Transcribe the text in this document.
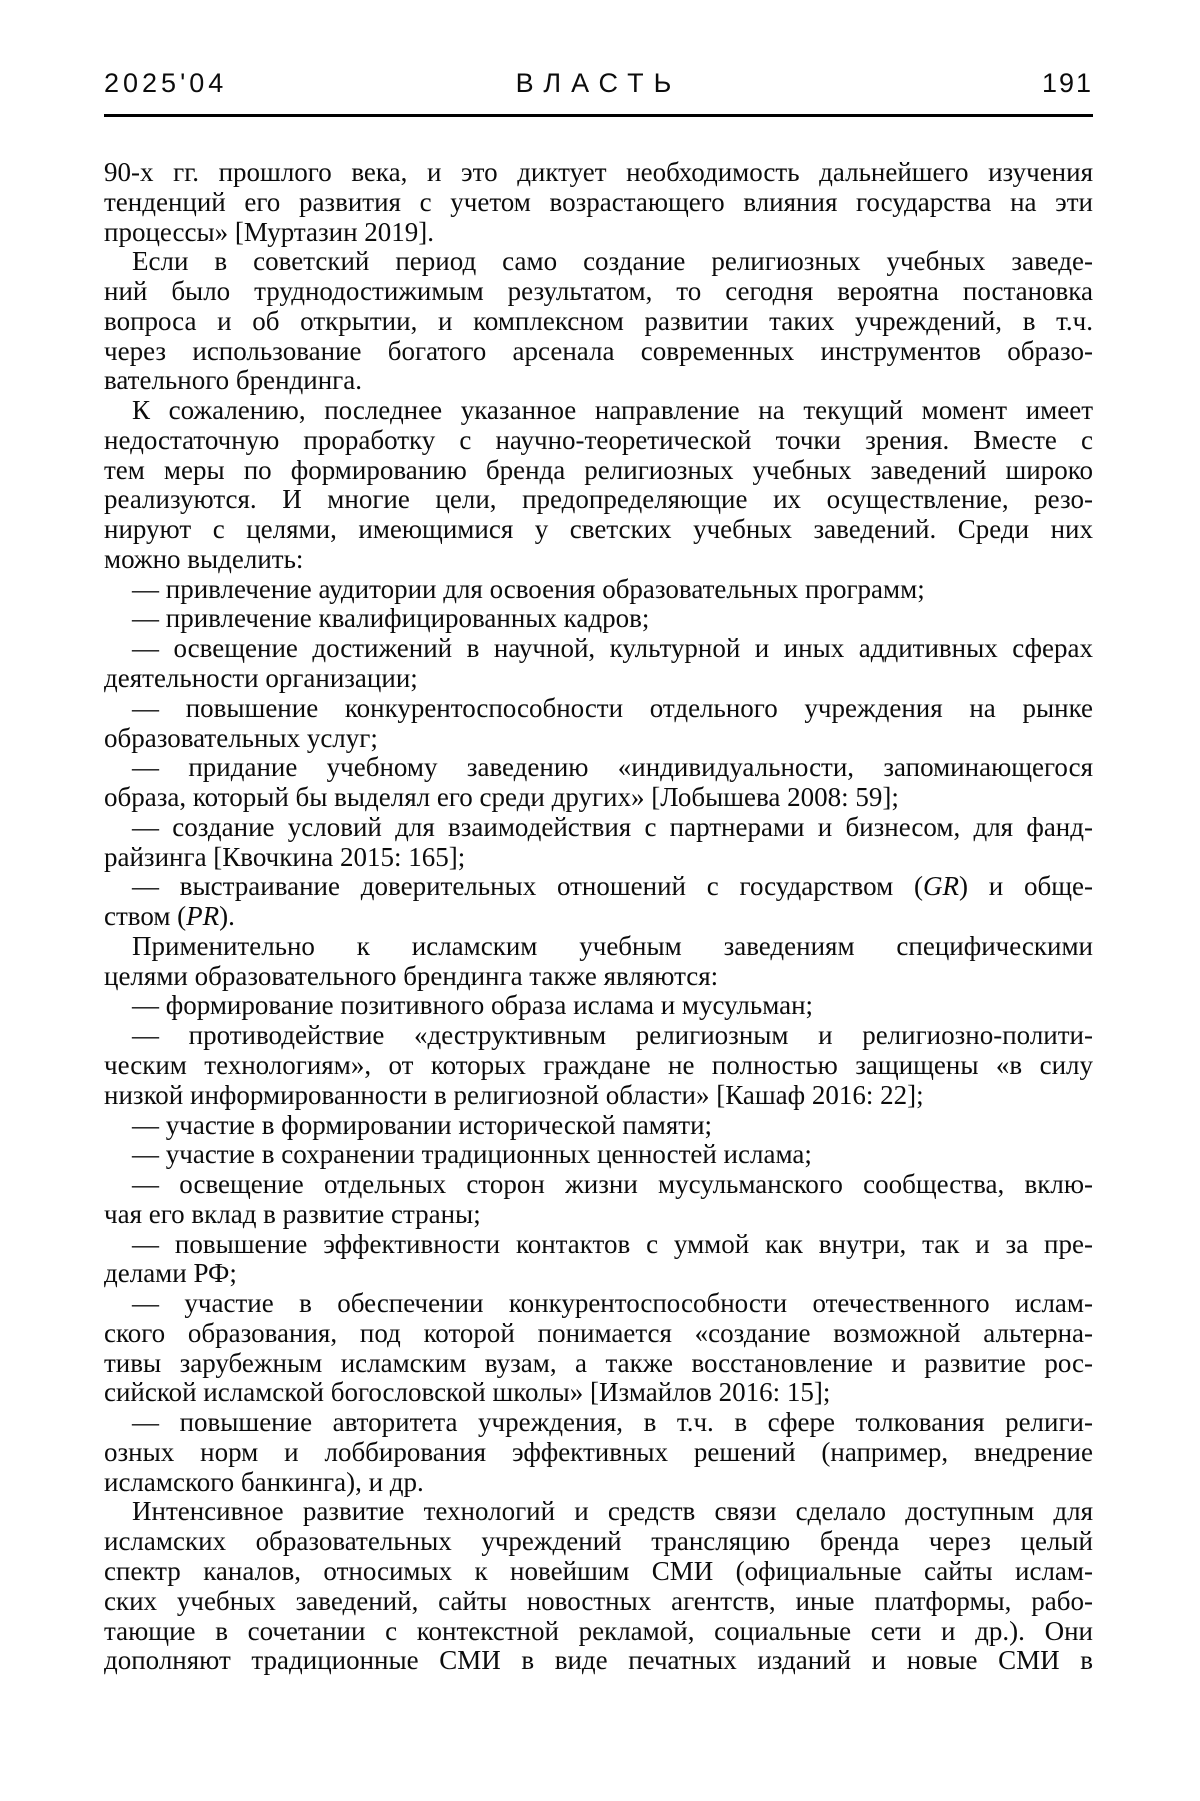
2025'04	ВЛАСТЬ	191
90-х гг. прошлого века, и это диктует необходимость дальнейшего изучения
тенденций его развития с учетом возрастающего влияния государства на эти
процессы» [Муртазин 2019].
Если в советский период само создание религиозных учебных заведе-
ний было труднодостижимым результатом, то сегодня вероятна постановка
вопроса и об открытии, и комплексном развитии таких учреждений, в т.ч.
через использование богатого арсенала современных инструментов образо-
вательного брендинга.
К сожалению, последнее указанное направление на текущий момент имеет
недостаточную проработку с научно-теоретической точки зрения. Вместе с
тем меры по формированию бренда религиозных учебных заведений широко
реализуются. И многие цели, предопределяющие их осуществление, резо-
нируют с целями, имеющимися у светских учебных заведений. Среди них
можно выделить:
— привлечение аудитории для освоения образовательных программ;
— привлечение квалифицированных кадров;
— освещение достижений в научной, культурной и иных аддитивных сферах
деятельности организации;
— повышение конкурентоспособности отдельного учреждения на рынке
образовательных услуг;
— придание учебному заведению «индивидуальности, запоминающегося
образа, который бы выделял его среди других» [Лобышева 2008: 59];
— создание условий для взаимодействия с партнерами и бизнесом, для фанд-
райзинга [Квочкина 2015: 165];
— выстраивание доверительных отношений с государством (GR) и обще-
ством (PR).
Применительно к исламским учебным заведениям специфическими
целями образовательного брендинга также являются:
— формирование позитивного образа ислама и мусульман;
— противодействие «деструктивным религиозным и религиозно-полити-
ческим технологиям», от которых граждане не полностью защищены «в силу
низкой информированности в религиозной области» [Кашаф 2016: 22];
— участие в формировании исторической памяти;
— участие в сохранении традиционных ценностей ислама;
— освещение отдельных сторон жизни мусульманского сообщества, вклю-
чая его вклад в развитие страны;
— повышение эффективности контактов с уммой как внутри, так и за пре-
делами РФ;
— участие в обеспечении конкурентоспособности отечественного ислам-
ского образования, под которой понимается «создание возможной альтерна-
тивы зарубежным исламским вузам, а также восстановление и развитие рос-
сийской исламской богословской школы» [Измайлов 2016: 15];
— повышение авторитета учреждения, в т.ч. в сфере толкования религи-
озных норм и лоббирования эффективных решений (например, внедрение
исламского банкинга), и др.
Интенсивное развитие технологий и средств связи сделало доступным для
исламских образовательных учреждений трансляцию бренда через целый
спектр каналов, относимых к новейшим СМИ (официальные сайты ислам-
ских учебных заведений, сайты новостных агентств, иные платформы, рабо-
тающие в сочетании с контекстной рекламой, социальные сети и др.). Они
дополняют традиционные СМИ в виде печатных изданий и новые СМИ в
